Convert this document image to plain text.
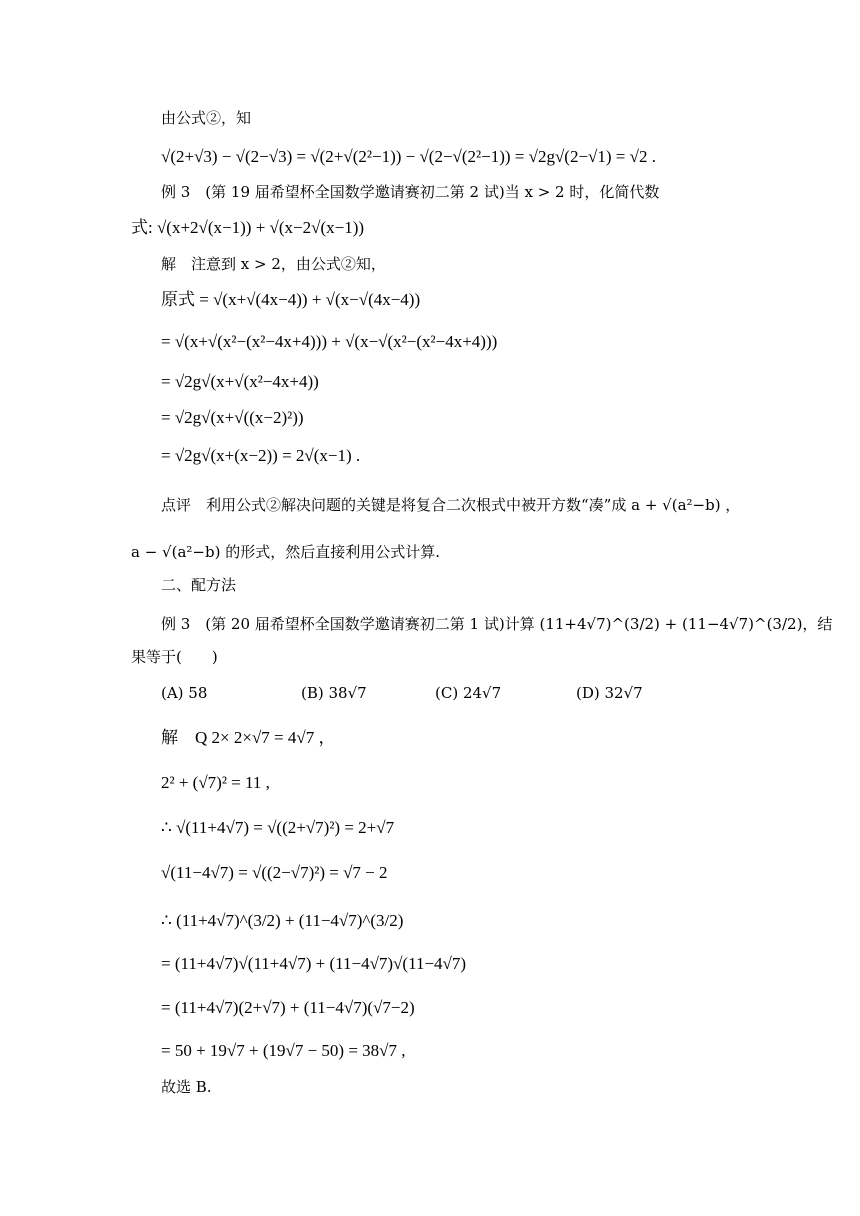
由公式②，知
√(2+√3) − √(2−√3) = √(2+√(2²−1)) − √(2−√(2²−1)) = √2g√(2−√1) = √2 .
例 3　(第 19 届希望杯全国数学邀请赛初二第 2 试)当 x > 2 时，化简代数
式: √(x+2√(x−1)) + √(x−2√(x−1))
解　注意到 x > 2，由公式②知，
原式 = √(x+√(4x−4)) + √(x−√(4x−4))
= √(x+√(x²−(x²−4x+4))) + √(x−√(x²−(x²−4x+4)))
= √2g√(x+√(x²−4x+4))
= √2g√(x+√((x−2)²))
= √2g√(x+(x−2)) = 2√(x−1) .
点评　利用公式②解决问题的关键是将复合二次根式中被开方数“凑”成 a + √(a²−b) ，
a − √(a²−b) 的形式，然后直接利用公式计算.
二、配方法
例 3　(第 20 届希望杯全国数学邀请赛初二第 1 试)计算 (11+4√7)^(3/2) + (11−4√7)^(3/2)，结
果等于(　　)
(A) 58	(B) 38√7	(C) 24√7	(D) 32√7
解　Q 2× 2×√7 = 4√7 ，
2² + (√7)² = 11 ,
∴ √(11+4√7) = √((2+√7)²) = 2+√7
√(11−4√7) = √((2−√7)²) = √7 − 2
∴ (11+4√7)^(3/2) + (11−4√7)^(3/2)
= (11+4√7)√(11+4√7) + (11−4√7)√(11−4√7)
= (11+4√7)(2+√7) + (11−4√7)(√7−2)
= 50 + 19√7 + (19√7 − 50) = 38√7 ,
故选 B.
